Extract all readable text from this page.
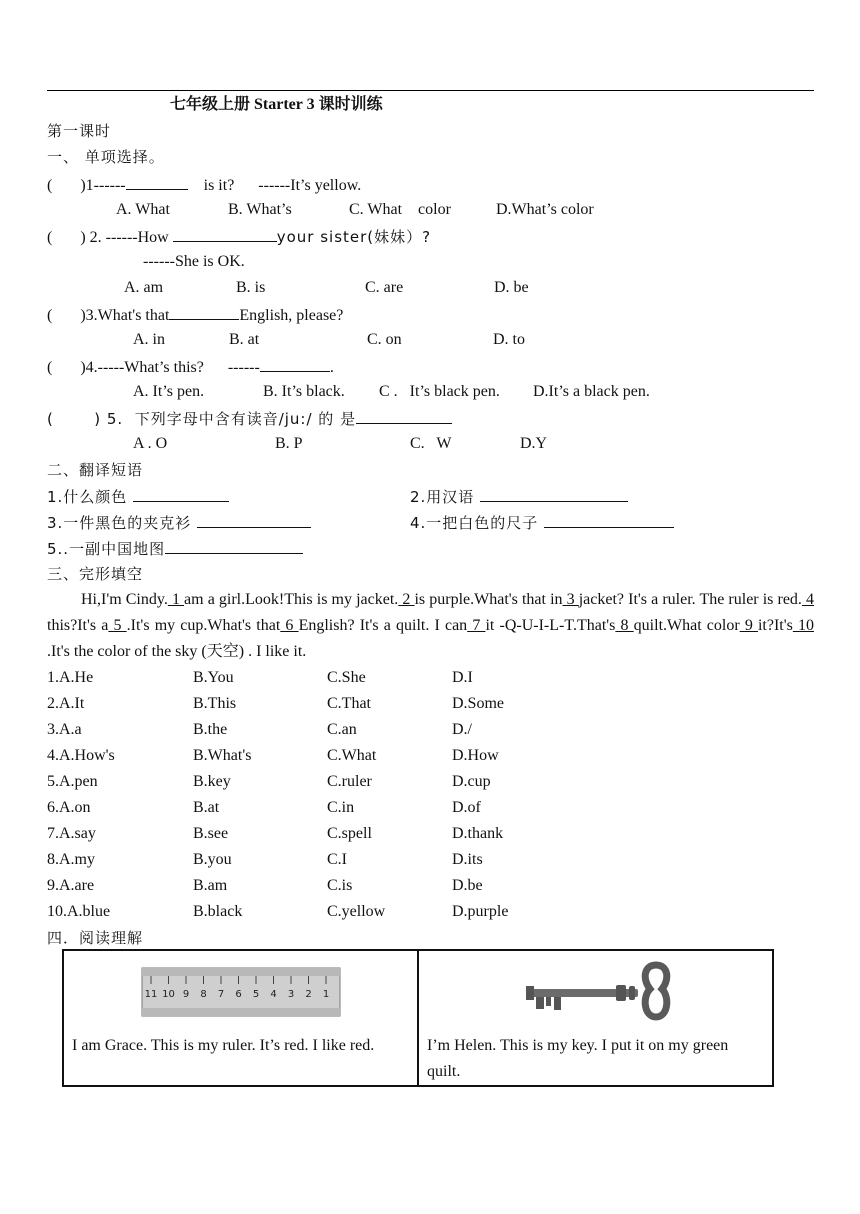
七年级上册 Starter 3 课时训练
第一课时
一、 单项选择。
(       )1------	is it?      ------It’s yellow.
A. What	B. What’s	C. What    color	D.What’s color
(       ) 2. ------How	your sister(妹妹）?
------She is OK.
A. am	B. is	C. are	D. be
(       )3.What's that	English, please?
A. in	B. at	C. on	D. to
(       )4.-----What’s this?      ------	.
A. It’s pen.	B. It’s black. C .   It’s black pen. D.It’s a black pen.
(       ) 5.  下列字母中含有读音/ju:/ 的 是
A . O	B. P	C.   W	D.Y
二、翻译短语
1.什么颜色	2.用汉语
3.一件黑色的夹克衫	4.一把白色的尺子
5..一副中国地图
三、完形填空
Hi,I'm Cindy. 1 am a girl.Look!This is my jacket. 2 is purple.What's that in 3 jacket? It's a ruler. The ruler is red. 4 this?It's a 5 .It's my cup.What's that 6 English? It's a quilt. I can 7 it -Q-U-I-L-T.That's 8 quilt.What color 9 it?It's 10 .It's the color of the sky (天空) . I like it.
1.A.He	B.You	C.She	D.I
2.A.It	B.This	C.That	D.Some
3.A.a	B.the	C.an	D./
4.A.How's	B.What's	C.What	D.How
5.A.pen	B.key	C.ruler	D.cup
6.A.on	B.at	C.in	D.of
7.A.say	B.see	C.spell	D.thank
8.A.my	B.you	C.I	D.its
9.A.are	B.am	C.is	D.be
10.A.blue	B.black	C.yellow	D.purple
四．阅读理解
11 10 9 8 7 6 5 4 3 2 1
I am Grace. This is my ruler. It’s red. I like red.	I’m Helen. This is my key. I put it on my green quilt.
